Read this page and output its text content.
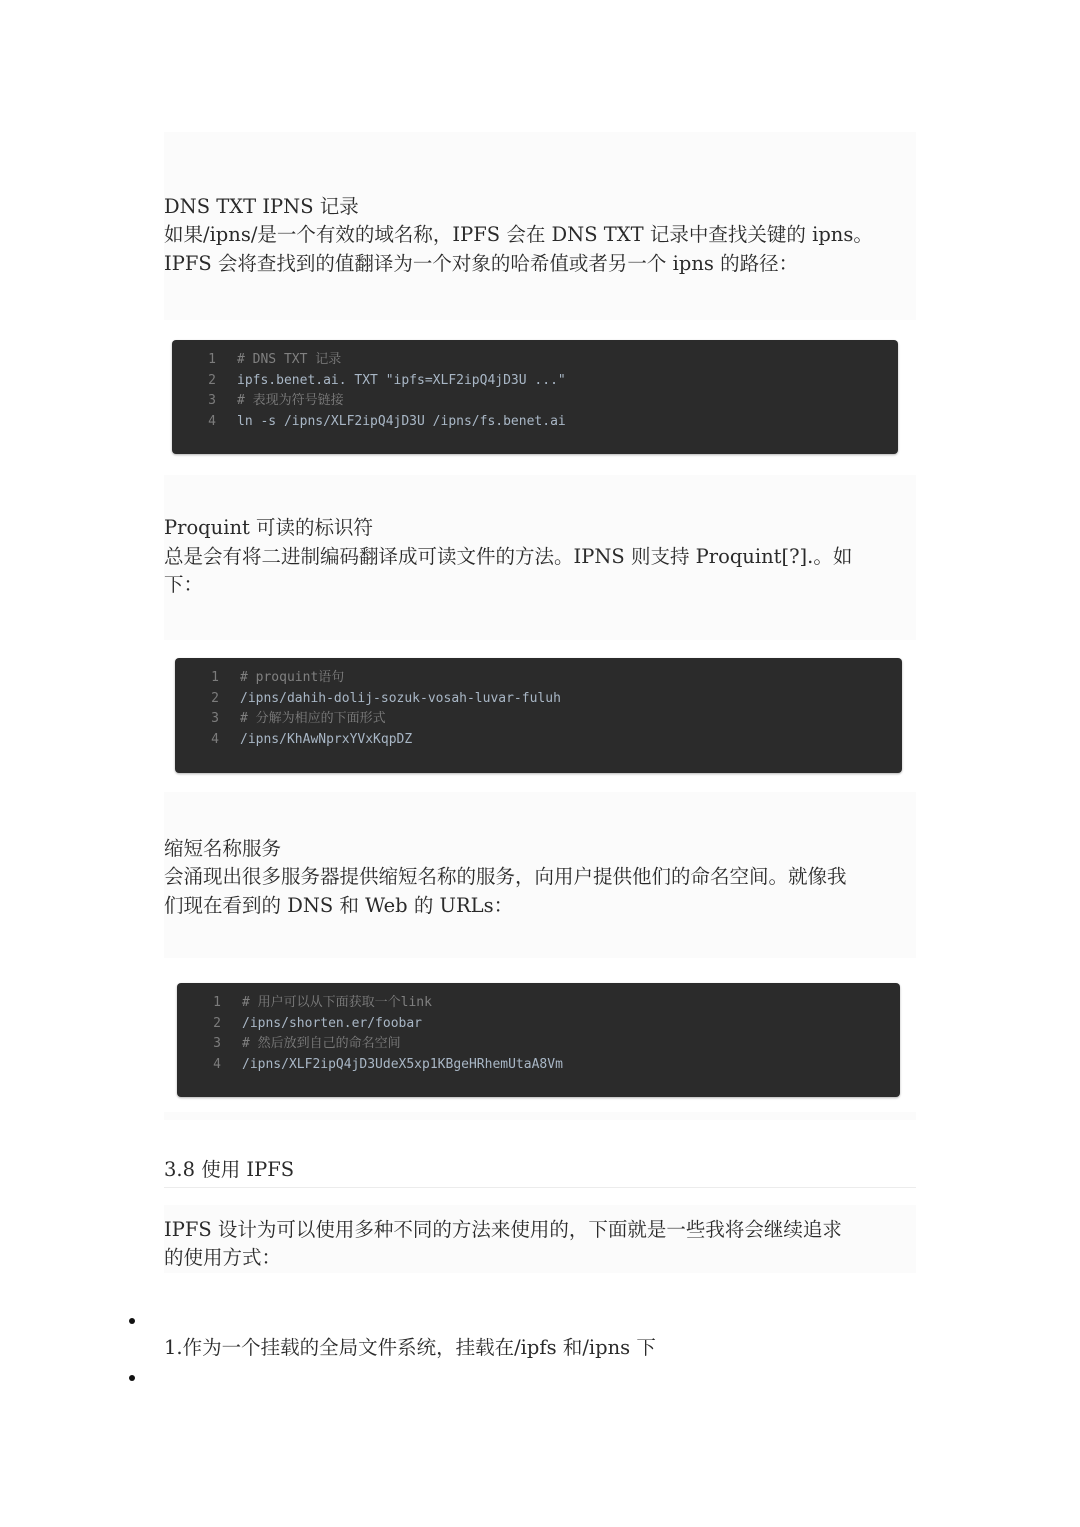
DNS TXT IPNS 记录
如果/ipns/是一个有效的域名称，IPFS 会在 DNS TXT 记录中查找关键的 ipns。
IPFS 会将查找到的值翻译为一个对象的哈希值或者另一个 ipns 的路径：
1 # DNS TXT 记录
2 ipfs.benet.ai. TXT "ipfs=XLF2ipQ4jD3U ..."
3 # 表现为符号链接
4 ln -s /ipns/XLF2ipQ4jD3U /ipns/fs.benet.ai
Proquint 可读的标识符
总是会有将二进制编码翻译成可读文件的方法。IPNS 则支持 Proquint[?].。如
下：
1 # proquint语句
2 /ipns/dahih-dolij-sozuk-vosah-luvar-fuluh
3 # 分解为相应的下面形式
4 /ipns/KhAwNprxYVxKqpDZ
缩短名称服务
会涌现出很多服务器提供缩短名称的服务，向用户提供他们的命名空间。就像我
们现在看到的 DNS 和 Web 的 URLs：
1 # 用户可以从下面获取一个link
2 /ipns/shorten.er/foobar
3 # 然后放到自己的命名空间
4 /ipns/XLF2ipQ4jD3UdeX5xp1KBgeHRhemUtaA8Vm
3.8 使用 IPFS
IPFS 设计为可以使用多种不同的方法来使用的，下面就是一些我将会继续追求
的使用方式：
1.作为一个挂载的全局文件系统，挂载在/ipfs 和/ipns 下
